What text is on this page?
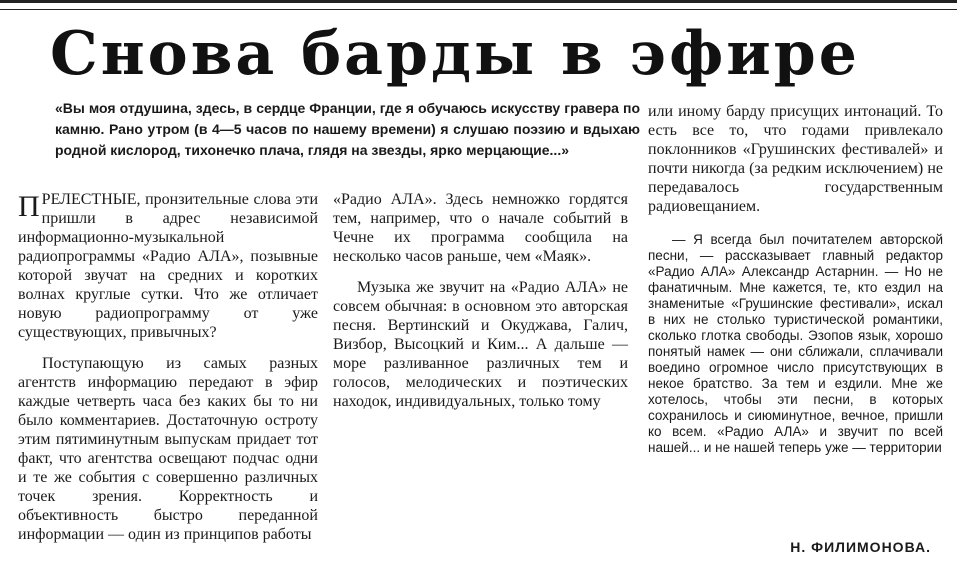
Снова барды в эфире

«Вы моя отдушина, здесь, в сердце Франции, где я обучаюсь искусству гравера по камню. Рано утром (в 4—5 часов по нашему времени) я слушаю поэзию и вдыхаю родной кислород, тихонечко плача, глядя на звезды, ярко мерцающие...»

ПРЕЛЕСТНЫЕ, пронзительные слова эти пришли в адрес независимой информационно-музыкальной радиопрограммы «Радио АЛА», позывные которой звучат на средних и коротких волнах круглые сутки. Что же отличает новую радиопрограмму от уже существующих, привычных?

Поступающую из самых разных агентств информацию передают в эфир каждые четверть часа без каких бы то ни было комментариев. Достаточную остроту этим пятиминутным выпускам придает тот факт, что агентства освещают подчас одни и те же события с совершенно различных точек зрения. Корректность и объективность быстро переданной информации — один из принципов работы

«Радио АЛА». Здесь немножко гордятся тем, например, что о начале событий в Чечне их программа сообщила на несколько часов раньше, чем «Маяк».

Музыка же звучит на «Радио АЛА» не совсем обычная: в основном это авторская песня. Вертинский и Окуджава, Галич, Визбор, Высоцкий и Ким... А дальше — море разливанное различных тем и голосов, мелодических и поэтических находок, индивидуальных, только тому

или иному барду присущих интонаций. То есть все то, что годами привлекало поклонников «Грушинских фестивалей» и почти никогда (за редким исключением) не передавалось государственным радиовещанием.

— Я всегда был почитателем авторской песни, — рассказывает главный редактор «Радио АЛА» Александр Астарнин. — Но не фанатичным. Мне кажется, те, кто ездил на знаменитые «Грушинские фестивали», искал в них не столько туристической романтики, сколько глотка свободы. Эзопов язык, хорошо понятый намек — они сближали, сплачивали воедино огромное число присутствующих в некое братство. За тем и ездили. Мне же хотелось, чтобы эти песни, в которых сохранилось и сиюминутное, вечное, пришли ко всем. «Радио АЛА» и звучит по всей нашей... и не нашей теперь уже — территории

Н. ФИЛИМОНОВА.
